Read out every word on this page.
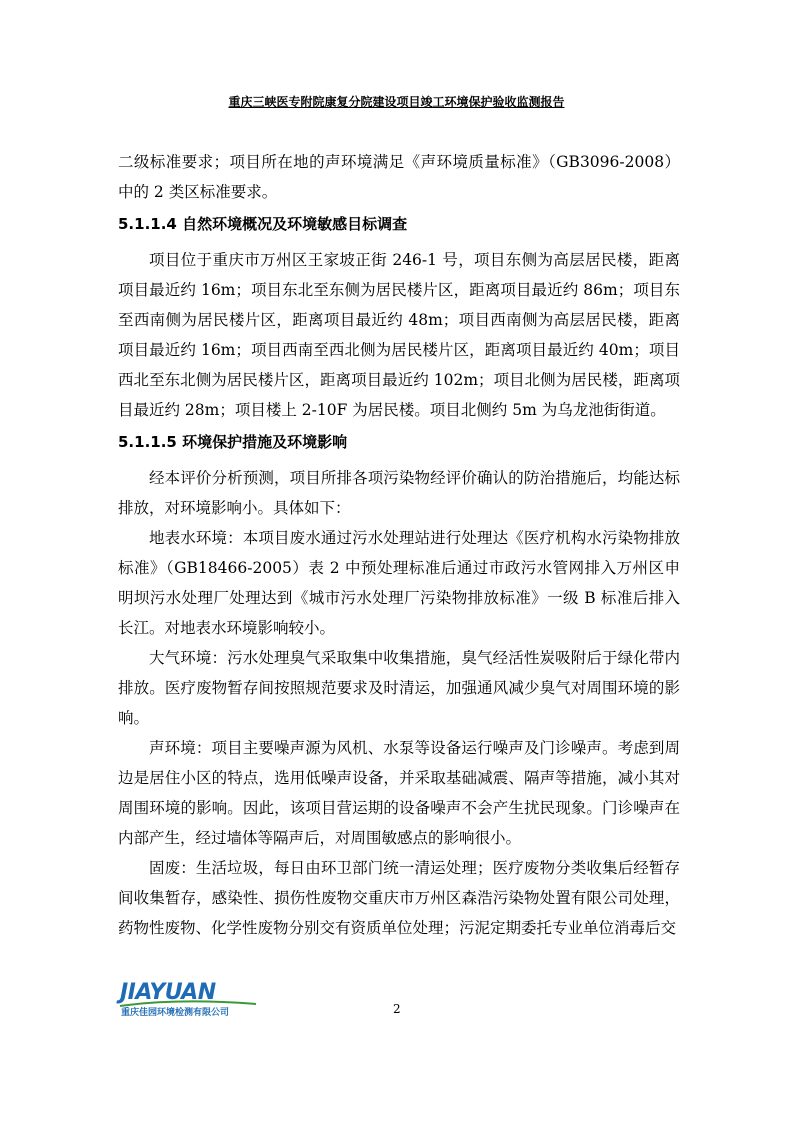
重庆三峡医专附院康复分院建设项目竣工环境保护验收监测报告

二级标准要求；项目所在地的声环境满足《声环境质量标准》（GB3096-2008）中的 2 类区标准要求。

5.1.1.4 自然环境概况及环境敏感目标调查

项目位于重庆市万州区王家坡正街 246-1 号，项目东侧为高层居民楼，距离项目最近约 16m；项目东北至东侧为居民楼片区，距离项目最近约 86m；项目东至西南侧为居民楼片区，距离项目最近约 48m；项目西南侧为高层居民楼，距离项目最近约 16m；项目西南至西北侧为居民楼片区，距离项目最近约 40m；项目西北至东北侧为居民楼片区，距离项目最近约 102m；项目北侧为居民楼，距离项目最近约 28m；项目楼上 2-10F 为居民楼。项目北侧约 5m 为乌龙池街街道。

5.1.1.5 环境保护措施及环境影响

经本评价分析预测，项目所排各项污染物经评价确认的防治措施后，均能达标排放，对环境影响小。具体如下：

地表水环境：本项目废水通过污水处理站进行处理达《医疗机构水污染物排放标准》（GB18466-2005）表 2 中预处理标准后通过市政污水管网排入万州区申明坝污水处理厂处理达到《城市污水处理厂污染物排放标准》一级 B 标准后排入长江。对地表水环境影响较小。

大气环境：污水处理臭气采取集中收集措施，臭气经活性炭吸附后于绿化带内排放。医疗废物暂存间按照规范要求及时清运，加强通风减少臭气对周围环境的影响。

声环境：项目主要噪声源为风机、水泵等设备运行噪声及门诊噪声。考虑到周边是居住小区的特点，选用低噪声设备，并采取基础减震、隔声等措施，减小其对周围环境的影响。因此，该项目营运期的设备噪声不会产生扰民现象。门诊噪声在内部产生，经过墙体等隔声后，对周围敏感点的影响很小。

固废：生活垃圾，每日由环卫部门统一清运处理；医疗废物分类收集后经暂存间收集暂存，感染性、损伤性废物交重庆市万州区森浩污染物处置有限公司处理，药物性废物、化学性废物分别交有资质单位处理；污泥定期委托专业单位消毒后交

JIAYUAN
重庆佳园环境检测有限公司	2
